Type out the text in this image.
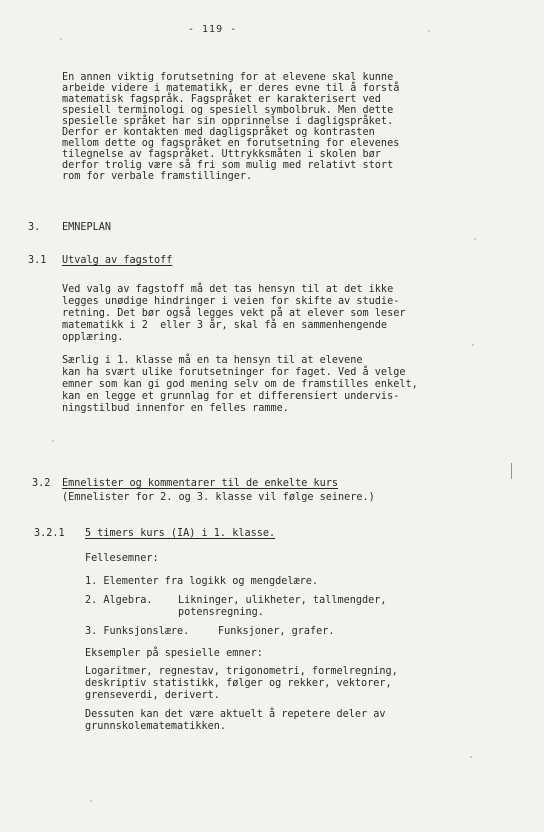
- 119 -
En annen viktig forutsetning for at elevene skal kunne
arbeide videre i matematikk, er deres evne til å forstå
matematisk fagspråk. Fagspråket er karakterisert ved
spesiell terminologi og spesiell symbolbruk. Men dette
spesielle språket har sin opprinnelse i dagligspråket.
Derfor er kontakten med dagligspråket og kontrasten
mellom dette og fagspråket en forutsetning for elevenes
tilegnelse av fagspråket. Uttrykksmåten i skolen bør
derfor trolig være så fri som mulig med relativt stort
rom for verbale framstillinger.
3. EMNEPLAN
3.1 Utvalg av fagstoff
Ved valg av fagstoff må det tas hensyn til at det ikke
legges unødige hindringer i veien for skifte av studie-
retning. Det bør også legges vekt på at elever som leser
matematikk i 2  eller 3 år, skal få en sammenhengende
opplæring.
Særlig i 1. klasse må en ta hensyn til at elevene
kan ha svært ulike forutsetninger for faget. Ved å velge
emner som kan gi god mening selv om de framstilles enkelt,
kan en legge et grunnlag for et differensiert undervis-
ningstilbud innenfor en felles ramme.
3.2 Emnelister og kommentarer til de enkelte kurs
(Emnelister for 2. og 3. klasse vil følge seinere.)
3.2.1 5 timers kurs (IA) i 1. klasse.
Fellesemner:
1. Elementer fra logikk og mengdelære.
2. Algebra.	Likninger, ulikheter, tallmengder,
potensregning.
3. Funksjonslære.	Funksjoner, grafer.
Eksempler på spesielle emner:
Logaritmer, regnestav, trigonometri, formelregning,
deskriptiv statistikk, følger og rekker, vektorer,
grenseverdi, derivert.
Dessuten kan det være aktuelt å repetere deler av
grunnskolematematikken.
